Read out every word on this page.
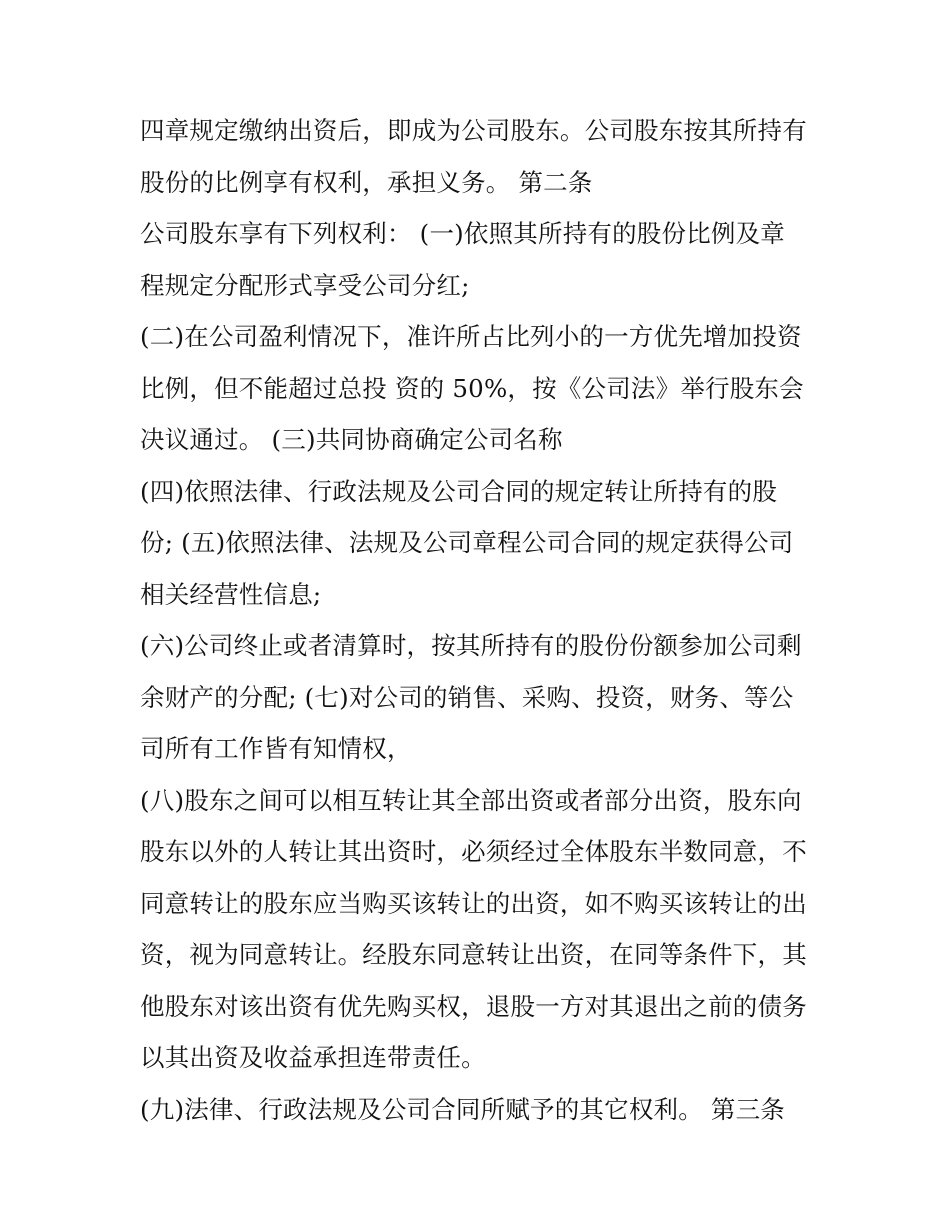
四章规定缴纳出资后，即成为公司股东。公司股东按其所持有
股份的比例享有权利，承担义务。 第二条
公司股东享有下列权利： (一)依照其所持有的股份比例及章
程规定分配形式享受公司分红;
(二)在公司盈利情况下，准许所占比列小的一方优先增加投资
比例，但不能超过总投 资的 50%，按《公司法》举行股东会
决议通过。 (三)共同协商确定公司名称
(四)依照法律、行政法规及公司合同的规定转让所持有的股
份; (五)依照法律、法规及公司章程公司合同的规定获得公司
相关经营性信息;
(六)公司终止或者清算时，按其所持有的股份份额参加公司剩
余财产的分配; (七)对公司的销售、采购、投资，财务、等公
司所有工作皆有知情权，
(八)股东之间可以相互转让其全部出资或者部分出资，股东向
股东以外的人转让其出资时，必须经过全体股东半数同意，不
同意转让的股东应当购买该转让的出资，如不购买该转让的出
资，视为同意转让。经股东同意转让出资，在同等条件下，其
他股东对该出资有优先购买权，退股一方对其退出之前的债务
以其出资及收益承担连带责任。
(九)法律、行政法规及公司合同所赋予的其它权利。 第三条
